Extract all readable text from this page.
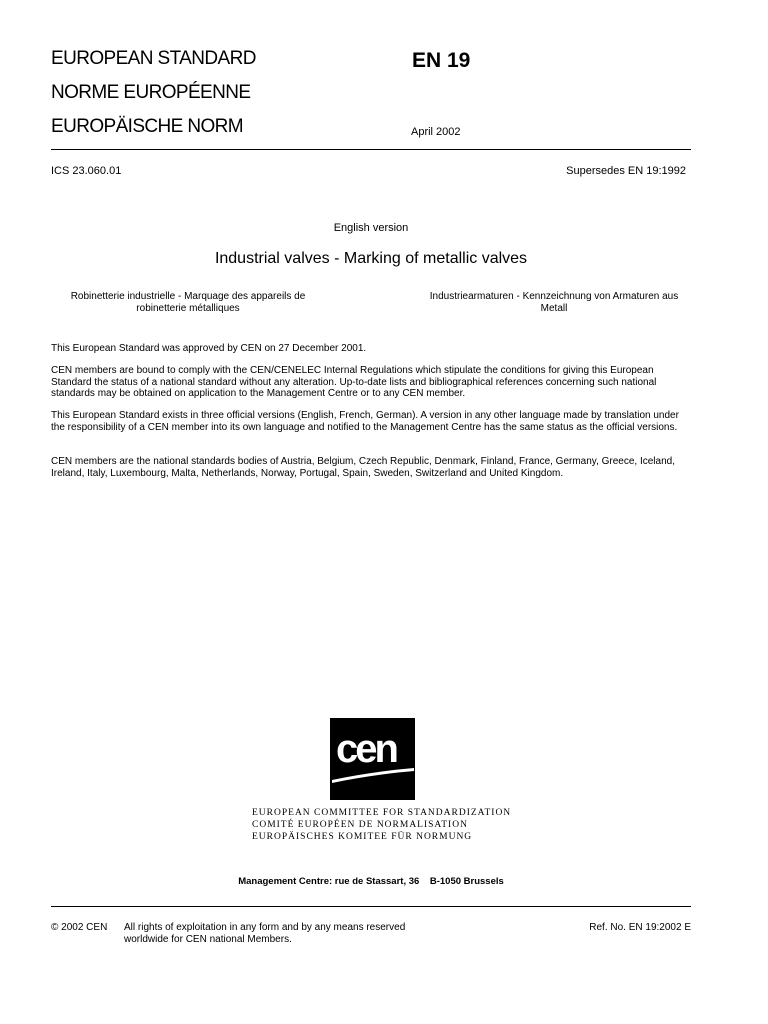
EUROPEAN STANDARD
NORME EUROPÉENNE
EUROPÄISCHE NORM
EN 19
April 2002
ICS 23.060.01	Supersedes EN 19:1992
English version
Industrial valves - Marking of metallic valves
Robinetterie industrielle - Marquage des appareils de robinetterie métalliques
Industriearmaturen - Kennzeichnung von Armaturen aus Metall
This European Standard was approved by CEN on 27 December 2001.
CEN members are bound to comply with the CEN/CENELEC Internal Regulations which stipulate the conditions for giving this European Standard the status of a national standard without any alteration. Up-to-date lists and bibliographical references concerning such national standards may be obtained on application to the Management Centre or to any CEN member.
This European Standard exists in three official versions (English, French, German). A version in any other language made by translation under the responsibility of a CEN member into its own language and notified to the Management Centre has the same status as the official versions.
CEN members are the national standards bodies of Austria, Belgium, Czech Republic, Denmark, Finland, France, Germany, Greece, Iceland, Ireland, Italy, Luxembourg, Malta, Netherlands, Norway, Portugal, Spain, Sweden, Switzerland and United Kingdom.
cen
EUROPEAN COMMITTEE FOR STANDARDIZATION
COMITÉ EUROPÉEN DE NORMALISATION
EUROPÄISCHES KOMITEE FÜR NORMUNG
Management Centre: rue de Stassart, 36    B-1050 Brussels
© 2002 CEN All rights of exploitation in any form and by any means reserved worldwide for CEN national Members.
Ref. No. EN 19:2002 E
